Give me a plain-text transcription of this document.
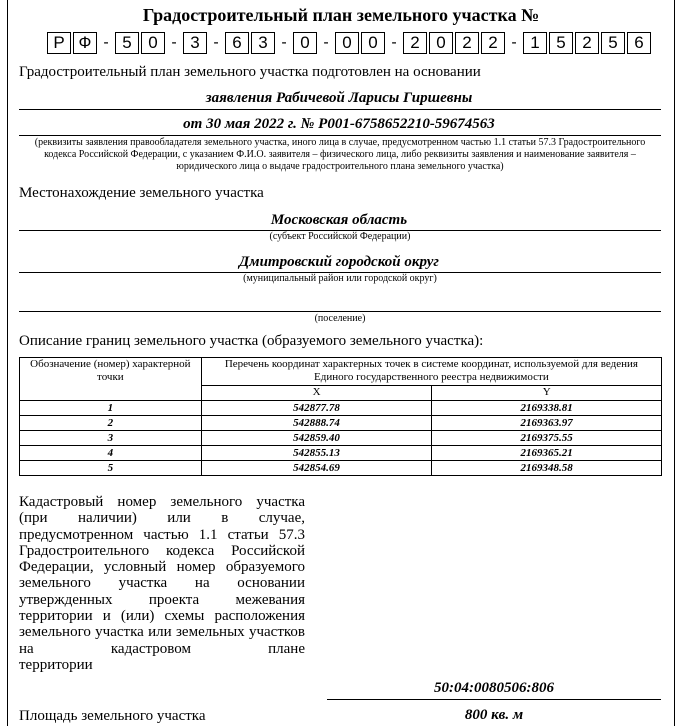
Градостроительный план земельного участка №
Р Ф - 5 0 - 3 - 6 3 - 0 - 0 0 - 2 0 2 2 - 1 5 2 5 6
Градостроительный план земельного участка подготовлен на основании
заявления Рабичевой Ларисы Гиршевны
от 30 мая 2022 г. № P001-6758652210-59674563
(реквизиты заявления правообладателя земельного участка, иного лица в случае, предусмотренном частью 1.1 статьи 57.3 Градостроительного кодекса Российской Федерации, с указанием Ф.И.О. заявителя – физического лица, либо реквизиты заявления и наименование заявителя – юридического лица о выдаче градостроительного плана земельного участка)
Местонахождение земельного участка
Московская область
(субъект Российской Федерации)
Дмитровский городской округ
(муниципальный район или городской округ)
(поселение)
Описание границ земельного участка (образуемого земельного участка):
Обозначение (номер) характерной точки	Перечень координат характерных точек в системе координат, используемой для ведения Единого государственного реестра недвижимости	
	X	Y
1	542877.78	2169338.81
2	542888.74	2169363.97
3	542859.40	2169375.55
4	542855.13	2169365.21
5	542854.69	2169348.58
Кадастровый номер земельного участка (при наличии) или в случае, предусмотренном частью 1.1 статьи 57.3 Градостроительного кодекса Российской Федерации, условный номер образуемого земельного участка на основании утвержденных проекта межевания территории и (или) схемы расположения земельного участка или земельных участков на кадастровом плане
территории
50:04:0080506:806
Площадь земельного участка	800 кв. м
